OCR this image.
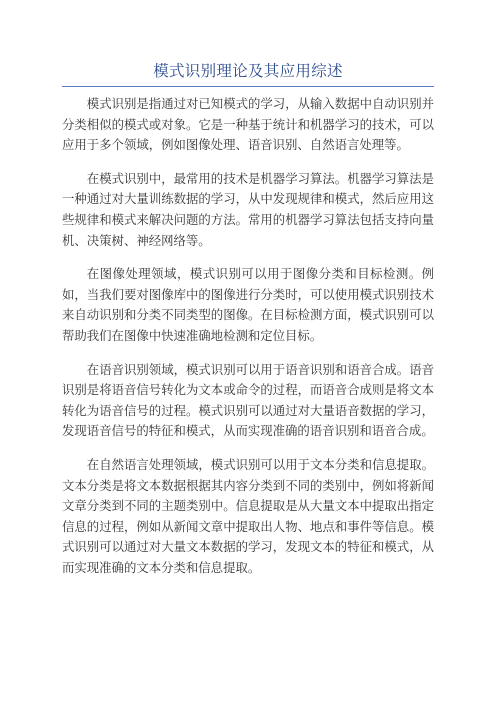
模式识别理论及其应用综述

模式识别是指通过对已知模式的学习，从输入数据中自动识别并分类相似的模式或对象。它是一种基于统计和机器学习的技术，可以应用于多个领域，例如图像处理、语音识别、自然语言处理等。

在模式识别中，最常用的技术是机器学习算法。机器学习算法是一种通过对大量训练数据的学习，从中发现规律和模式，然后应用这些规律和模式来解决问题的方法。常用的机器学习算法包括支持向量机、决策树、神经网络等。

在图像处理领域，模式识别可以用于图像分类和目标检测。例如，当我们要对图像库中的图像进行分类时，可以使用模式识别技术来自动识别和分类不同类型的图像。在目标检测方面，模式识别可以帮助我们在图像中快速准确地检测和定位目标。

在语音识别领域，模式识别可以用于语音识别和语音合成。语音识别是将语音信号转化为文本或命令的过程，而语音合成则是将文本转化为语音信号的过程。模式识别可以通过对大量语音数据的学习，发现语音信号的特征和模式，从而实现准确的语音识别和语音合成。

在自然语言处理领域，模式识别可以用于文本分类和信息提取。文本分类是将文本数据根据其内容分类到不同的类别中，例如将新闻文章分类到不同的主题类别中。信息提取是从大量文本中提取出指定信息的过程，例如从新闻文章中提取出人物、地点和事件等信息。模式识别可以通过对大量文本数据的学习，发现文本的特征和模式，从而实现准确的文本分类和信息提取。
